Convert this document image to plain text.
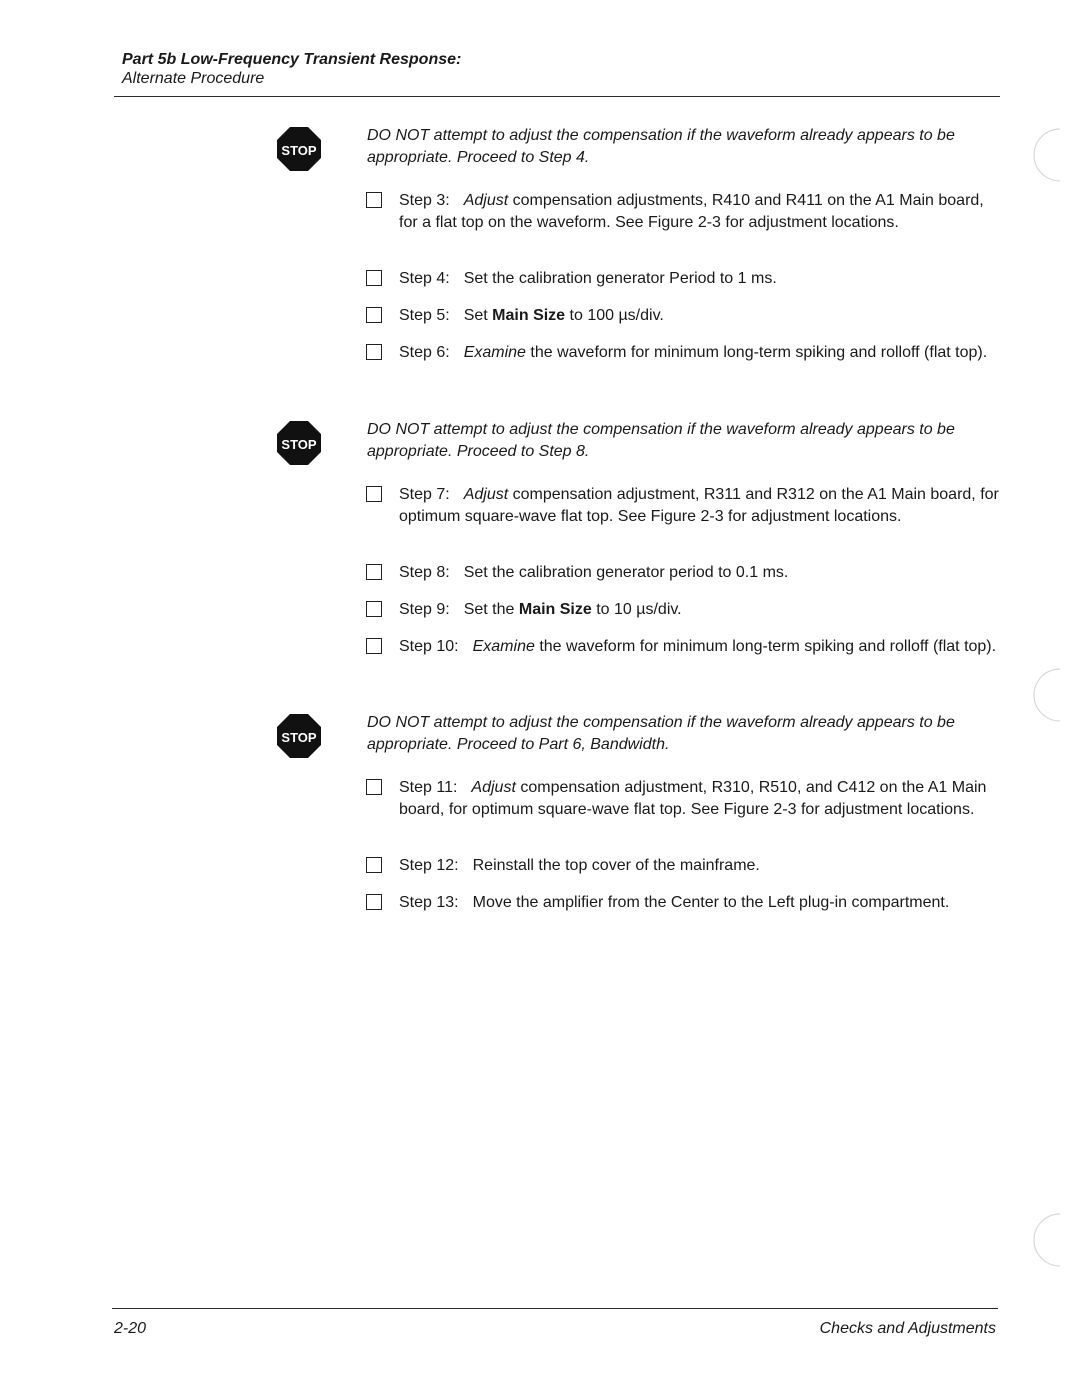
Part 5b Low-Frequency Transient Response:
Alternate Procedure
STOP
DO NOT attempt to adjust the compensation if the waveform already appears to be appropriate. Proceed to Step 4.
Step 3: Adjust compensation adjustments, R410 and R411 on the A1 Main board, for a flat top on the waveform. See Figure 2-3 for adjustment locations.
Step 4: Set the calibration generator Period to 1 ms.
Step 5: Set Main Size to 100 µs/div.
Step 6: Examine the waveform for minimum long-term spiking and rolloff (flat top).
STOP
DO NOT attempt to adjust the compensation if the waveform already appears to be appropriate. Proceed to Step 8.
Step 7: Adjust compensation adjustment, R311 and R312 on the A1 Main board, for optimum square-wave flat top. See Figure 2-3 for adjustment locations.
Step 8: Set the calibration generator period to 0.1 ms.
Step 9: Set the Main Size to 10 µs/div.
Step 10: Examine the waveform for minimum long-term spiking and rolloff (flat top).
STOP
DO NOT attempt to adjust the compensation if the waveform already appears to be appropriate. Proceed to Part 6, Bandwidth.
Step 11: Adjust compensation adjustment, R310, R510, and C412 on the A1 Main board, for optimum square-wave flat top. See Figure 2-3 for adjustment locations.
Step 12: Reinstall the top cover of the mainframe.
Step 13: Move the amplifier from the Center to the Left plug-in compartment.
2-20	Checks and Adjustments
